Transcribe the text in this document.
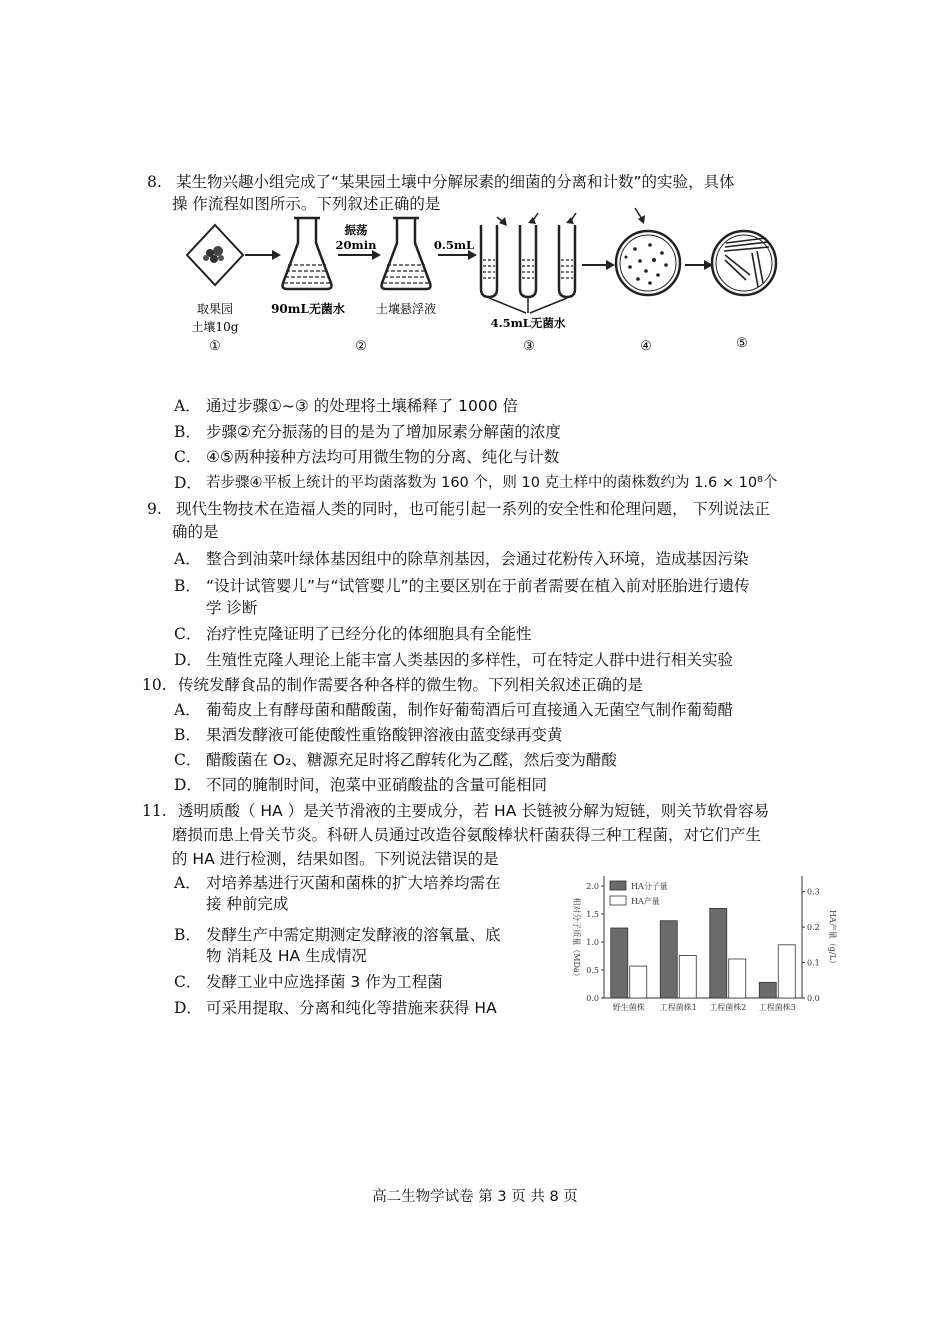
8. 某生物兴趣小组完成了“某果园土壤中分解尿素的细菌的分离和计数”的实验，具体
操 作流程如图所示。下列叙述正确的是
振荡
20min	0.5mL
4.5mL无菌水
取果园
土壤10g
90mL无菌水	土壤悬浮液
①	②	③	④	⑤
A． 通过步骤①~③ 的处理将土壤稀释了 1000 倍
B． 步骤②充分振荡的目的是为了增加尿素分解菌的浓度
C． ④⑤两种接种方法均可用微生物的分离、纯化与计数
D． 若步骤④平板上统计的平均菌落数为 160 个，则 10 克土样中的菌株数约为 1.6 × 10⁸个
9. 现代生物技术在造福人类的同时，也可能引起一系列的安全性和伦理问题， 下列说法正
确的是
A． 整合到油菜叶绿体基因组中的除草剂基因，会通过花粉传入环境，造成基因污染
B． “设计试管婴儿”与“试管婴儿”的主要区别在于前者需要在植入前对胚胎进行遗传
学 诊断
C． 治疗性克隆证明了已经分化的体细胞具有全能性
D． 生殖性克隆人理论上能丰富人类基因的多样性，可在特定人群中进行相关实验
10. 传统发酵食品的制作需要各种各样的微生物。下列相关叙述正确的是
A． 葡萄皮上有酵母菌和醋酸菌，制作好葡萄酒后可直接通入无菌空气制作葡萄醋
B． 果酒发酵液可能使酸性重铬酸钾溶液由蓝变绿再变黄
C． 醋酸菌在 O₂、糖源充足时将乙醇转化为乙醛，然后变为醋酸
D． 不同的腌制时间，泡菜中亚硝酸盐的含量可能相同
11. 透明质酸（ HA ）是关节滑液的主要成分，若 HA 长链被分解为短链，则关节软骨容易
磨损而患上骨关节炎。科研人员通过改造谷氨酸棒状杆菌获得三种工程菌，对它们产生
的 HA 进行检测，结果如图。下列说法错误的是
A． 对培养基进行灭菌和菌株的扩大培养均需在
接 种前完成
B． 发酵生产中需定期测定发酵液的溶氧量、底
物 消耗及 HA 生成情况
C． 发酵工业中应选择菌 3 作为工程菌
D． 可采用提取、分离和纯化等措施来获得 HA
0.0
0.5
1.0
1.5
2.0
0.0
0.1
0.2
0.3
相对分子质量（MDa）	HA产量（g/L）
野生菌株 工程菌株1 工程菌株2 工程菌株3
HA分子量
HA产量
高二生物学试卷 第 3 页 共 8 页
